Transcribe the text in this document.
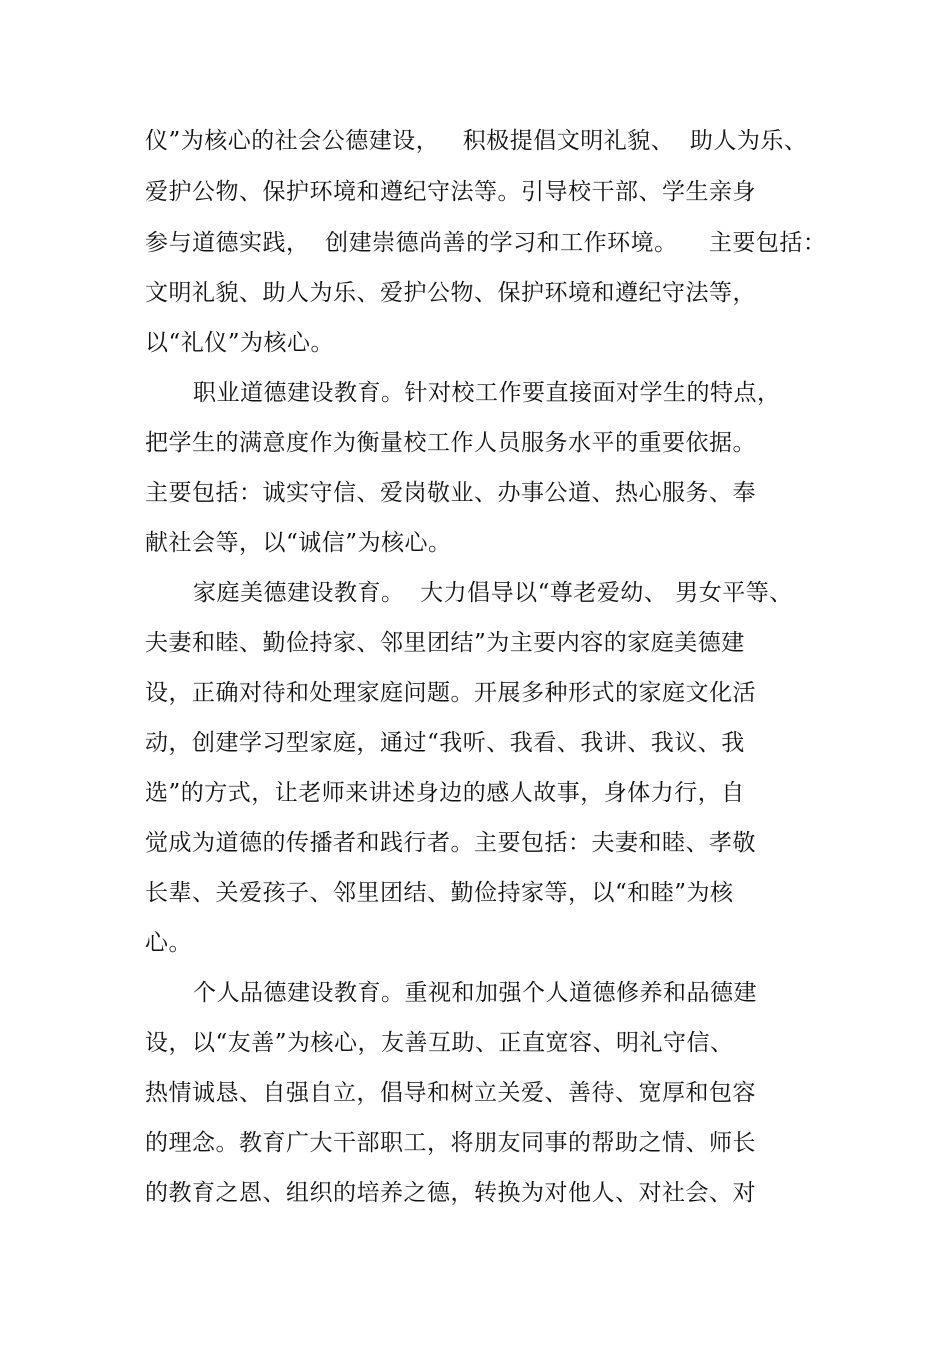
仪”为核心的社会公德建设，   积极提倡文明礼貌、  助人为乐、
爱护公物、保护环境和遵纪守法等。引导校干部、学生亲身
参与道德实践，  创建崇德尚善的学习和工作环境。    主要包括：
文明礼貌、助人为乐、爱护公物、保护环境和遵纪守法等，
以“礼仪”为核心。
职业道德建设教育。针对校工作要直接面对学生的特点，
把学生的满意度作为衡量校工作人员服务水平的重要依据。
主要包括：诚实守信、爱岗敬业、办事公道、热心服务、奉
献社会等，以“诚信”为核心。
家庭美德建设教育。  大力倡导以“尊老爱幼、 男女平等、
夫妻和睦、勤俭持家、邻里团结”为主要内容的家庭美德建
设，正确对待和处理家庭问题。开展多种形式的家庭文化活
动，创建学习型家庭，通过“我听、我看、我讲、我议、我
选”的方式，让老师来讲述身边的感人故事，身体力行，自
觉成为道德的传播者和践行者。主要包括：夫妻和睦、孝敬
长辈、关爱孩子、邻里团结、勤俭持家等，以“和睦”为核
心。
个人品德建设教育。重视和加强个人道德修养和品德建
设，以“友善”为核心，友善互助、正直宽容、明礼守信、
热情诚恳、自强自立，倡导和树立关爱、善待、宽厚和包容
的理念。教育广大干部职工，将朋友同事的帮助之情、师长
的教育之恩、组织的培养之德，转换为对他人、对社会、对
